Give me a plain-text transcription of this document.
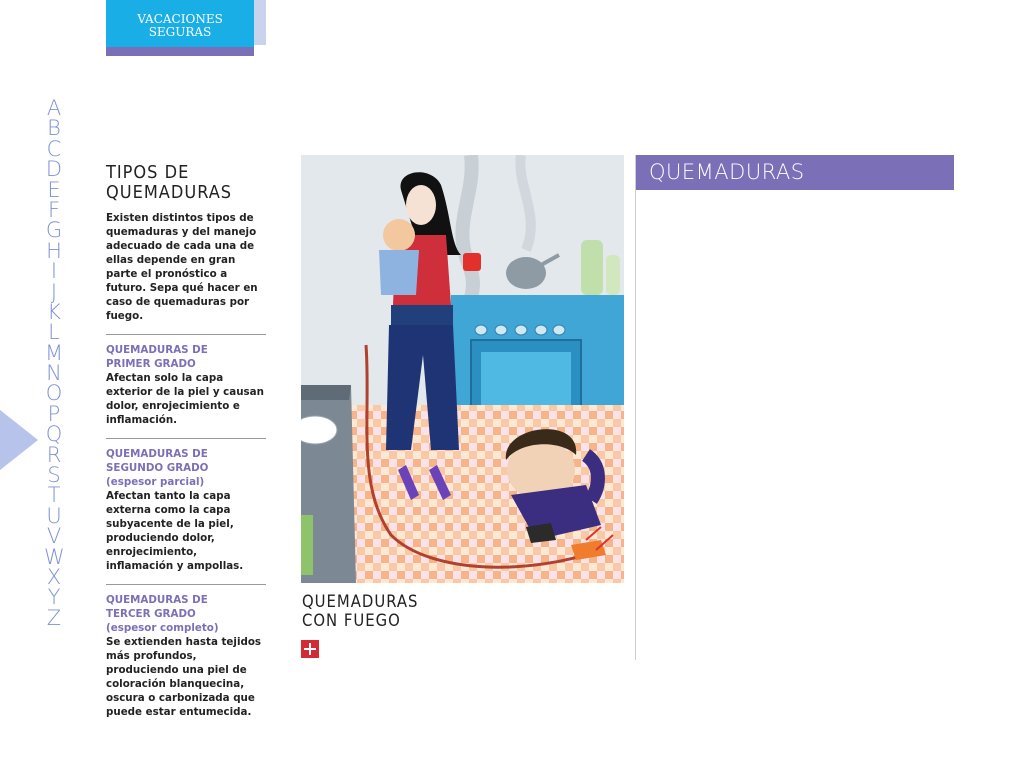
VACACIONES
SEGURAS
A
B
C
D
E
F
G
H
I
J
K
L
M
N
O
P
Q
R
S
T
U
V
W
X
Y
Z
TIPOS DE
QUEMADURAS

Existen distintos tipos de quemaduras y del manejo adecuado de cada una de ellas depende en gran parte el pronóstico a futuro. Sepa qué hacer en caso de quemaduras por fuego.

QUEMADURAS DE
PRIMER GRADO
Afectan solo la capa exterior de la piel y causan dolor, enrojecimiento e inflamación.
QUEMADURAS DE
SEGUNDO GRADO
(espesor parcial)
Afectan tanto la capa externa como la capa subyacente de la piel, produciendo dolor, enrojecimiento, inflamación y ampollas.
QUEMADURAS DE
TERCER GRADO
(espesor completo)
Se extienden hasta tejidos más profundos, produciendo una piel de coloración blanquecina, oscura o carbonizada que puede estar entumecida.
QUEMADURAS
CON FUEGO
QUEMADURAS
